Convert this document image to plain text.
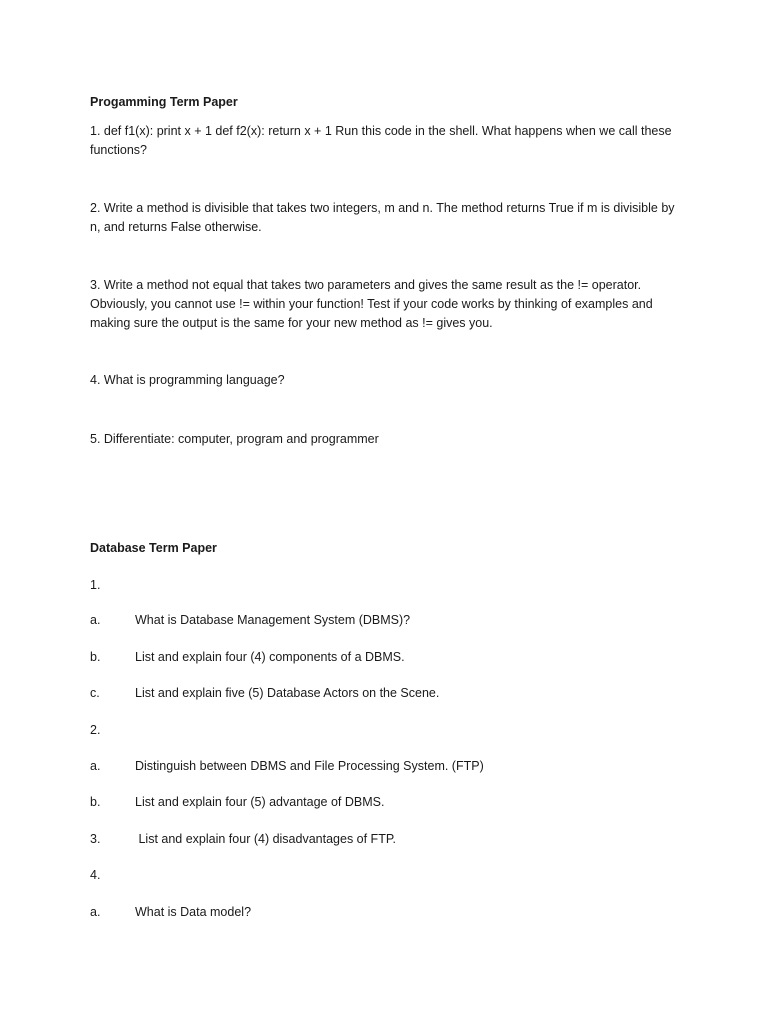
Progamming Term Paper
1. def f1(x): print x + 1 def f2(x): return x + 1 Run this code in the shell. What happens when we call these functions?
2. Write a method is divisible that takes two integers, m and n. The method returns True if m is divisible by n, and returns False otherwise.
3. Write a method not equal that takes two parameters and gives the same result as the != operator. Obviously, you cannot use != within your function! Test if your code works by thinking of examples and making sure the output is the same for your new method as != gives you.
4. What is programming language?
5. Differentiate: computer, program and programmer
Database Term Paper
1.
a.	What is Database Management System (DBMS)?
b.	List and explain four (4) components of a DBMS.
c.	List and explain five (5) Database Actors on the Scene.
2.
a.	Distinguish between DBMS and File Processing System. (FTP)
b.	List and explain four (5) advantage of DBMS.
3.	List and explain four (4) disadvantages of FTP.
4.
a.	What is Data model?
